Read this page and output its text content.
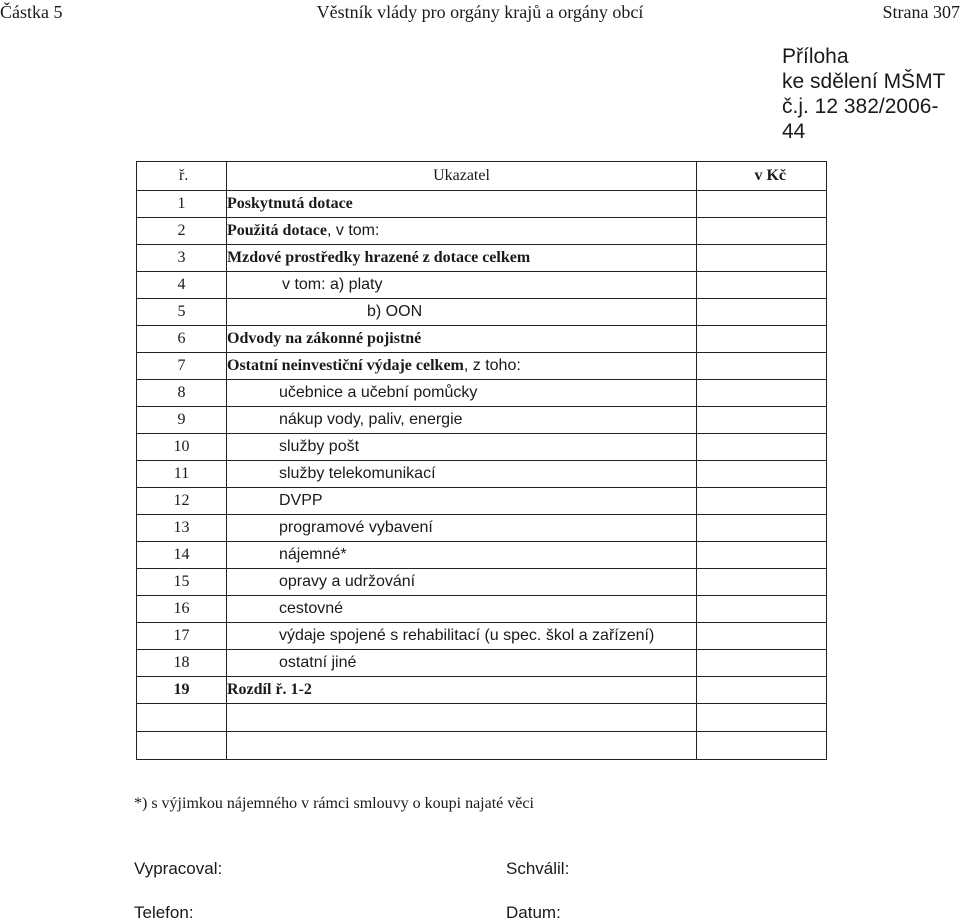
Částka 5	Věstník vlády pro orgány krajů a orgány obcí	Strana 307
Příloha
ke sdělení MŠMT
č.j. 12 382/2006-44
ř.	Ukazatel	v Kč
1	Poskytnutá dotace	
2	Použitá dotace, v tom:	
3	Mzdové prostředky hrazené z dotace celkem	
4	v tom: a) platy	
5	b) OON	
6	Odvody na zákonné pojistné	
7	Ostatní neinvestiční výdaje celkem, z toho:	
8	učebnice a učební pomůcky	
9	nákup vody, paliv, energie	
10	služby pošt	
11	služby telekomunikací	
12	DVPP	
13	programové vybavení	
14	nájemné*	
15	opravy a udržování	
16	cestovné	
17	výdaje spojené s rehabilitací (u spec. škol a zařízení)	
18	ostatní jiné	
19	Rozdíl ř. 1-2	

*) s výjimkou nájemného v rámci smlouvy o koupi najaté věci
Vypracoval:	Schválil:
Telefon:	Datum:
